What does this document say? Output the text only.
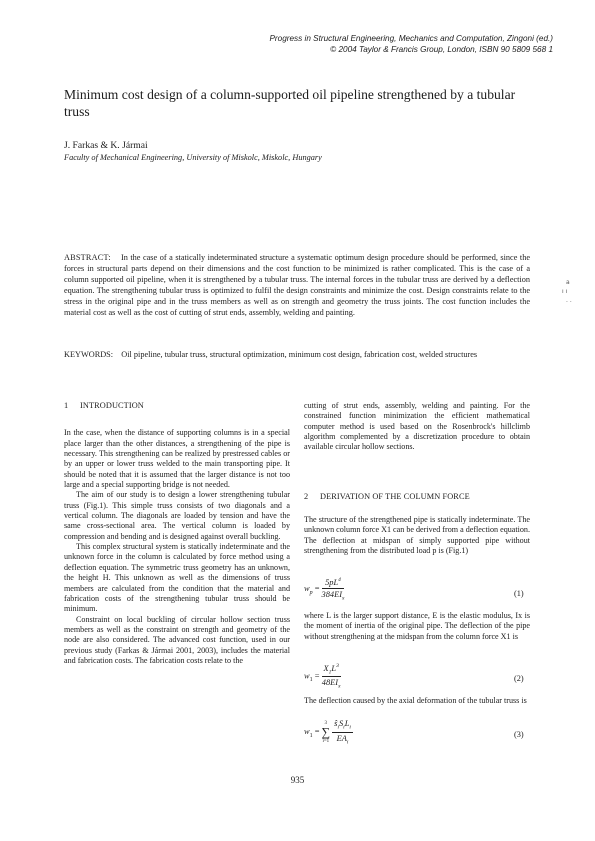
Progress in Structural Engineering, Mechanics and Computation, Zingoni (ed.)
© 2004 Taylor & Francis Group, London, ISBN 90 5809 568 1
Minimum cost design of a column-supported oil pipeline strengthened by a tubular truss
J. Farkas & K. Jármai
Faculty of Mechanical Engineering, University of Miskolc, Miskolc, Hungary
ABSTRACT: In the case of a statically indeterminated structure a systematic optimum design procedure should be performed, since the forces in structural parts depend on their dimensions and the cost function to be minimized is rather complicated. This is the case of a column supported oil pipeline, when it is strengthened by a tubular truss. The internal forces in the tubular truss are derived by a deflection equation. The strengthening tubular truss is optimized to fulfil the design constraints and minimize the cost. Design constraints relate to the stress in the original pipe and in the truss members as well as on strength and geometry the truss joints. The cost function includes the material cost as well as the cost of cutting of strut ends, assembly, welding and painting.
KEYWORDS: Oil pipeline, tubular truss, structural optimization, minimum cost design, fabrication cost, welded structures
a
ı ı
. .
1 INTRODUCTION

In the case, when the distance of supporting columns is in a special place larger than the other distances, a strengthening of the pipe is necessary. This strengthening can be realized by prestressed cables or by an upper or lower truss welded to the main transporting pipe. It should be noted that it is assumed that the larger distance is not too large and a special supporting bridge is not needed.

The aim of our study is to design a lower strengthening tubular truss (Fig.1). This simple truss consists of two diagonals and a vertical column. The diagonals are loaded by tension and have the same cross-sectional area. The vertical column is loaded by compression and bending and is designed against overall buckling.

This complex structural system is statically indeterminate and the unknown force in the column is calculated by force method using a deflection equation. The symmetric truss geometry has an unknown, the height H. This unknown as well as the dimensions of truss members are calculated from the condition that the material and fabrication costs of the strengthening tubular truss should be minimum.

Constraint on local buckling of circular hollow section truss members as well as the constraint on strength and geometry of the node are also considered. The advanced cost function, used in our previous study (Farkas & Jármai 2001, 2003), includes the material and fabrication costs. The fabrication costs relate to the

cutting of strut ends, assembly, welding and painting. For the constrained function minimization the efficient mathematical computer method is used based on the Rosenbrock's hillclimb algorithm complemented by a discretization procedure to obtain available circular hollow sections.

2 DERIVATION OF THE COLUMN FORCE

The structure of the strengthened pipe is statically indeterminate. The unknown column force X1 can be derived from a deflection equation. The deflection at midspan of simply supported pipe without strengthening from the distributed load p is (Fig.1)

$w_p = \frac{5pL^4}{384EI_x}$	(1)

where L is the larger support distance, E is the elastic modulus, Ix is the moment of inertia of the original pipe. The deflection of the pipe without strengthening at the midspan from the column force X1 is

$w_1 = \frac{X_1L^3}{48EI_x}$	(2)

The deflection caused by the axial deformation of the tubular truss is

$w_1$ =
3
∑
i=1
$\frac{ŝ_iS_iL_i}{EA_i}$	(3)
935
